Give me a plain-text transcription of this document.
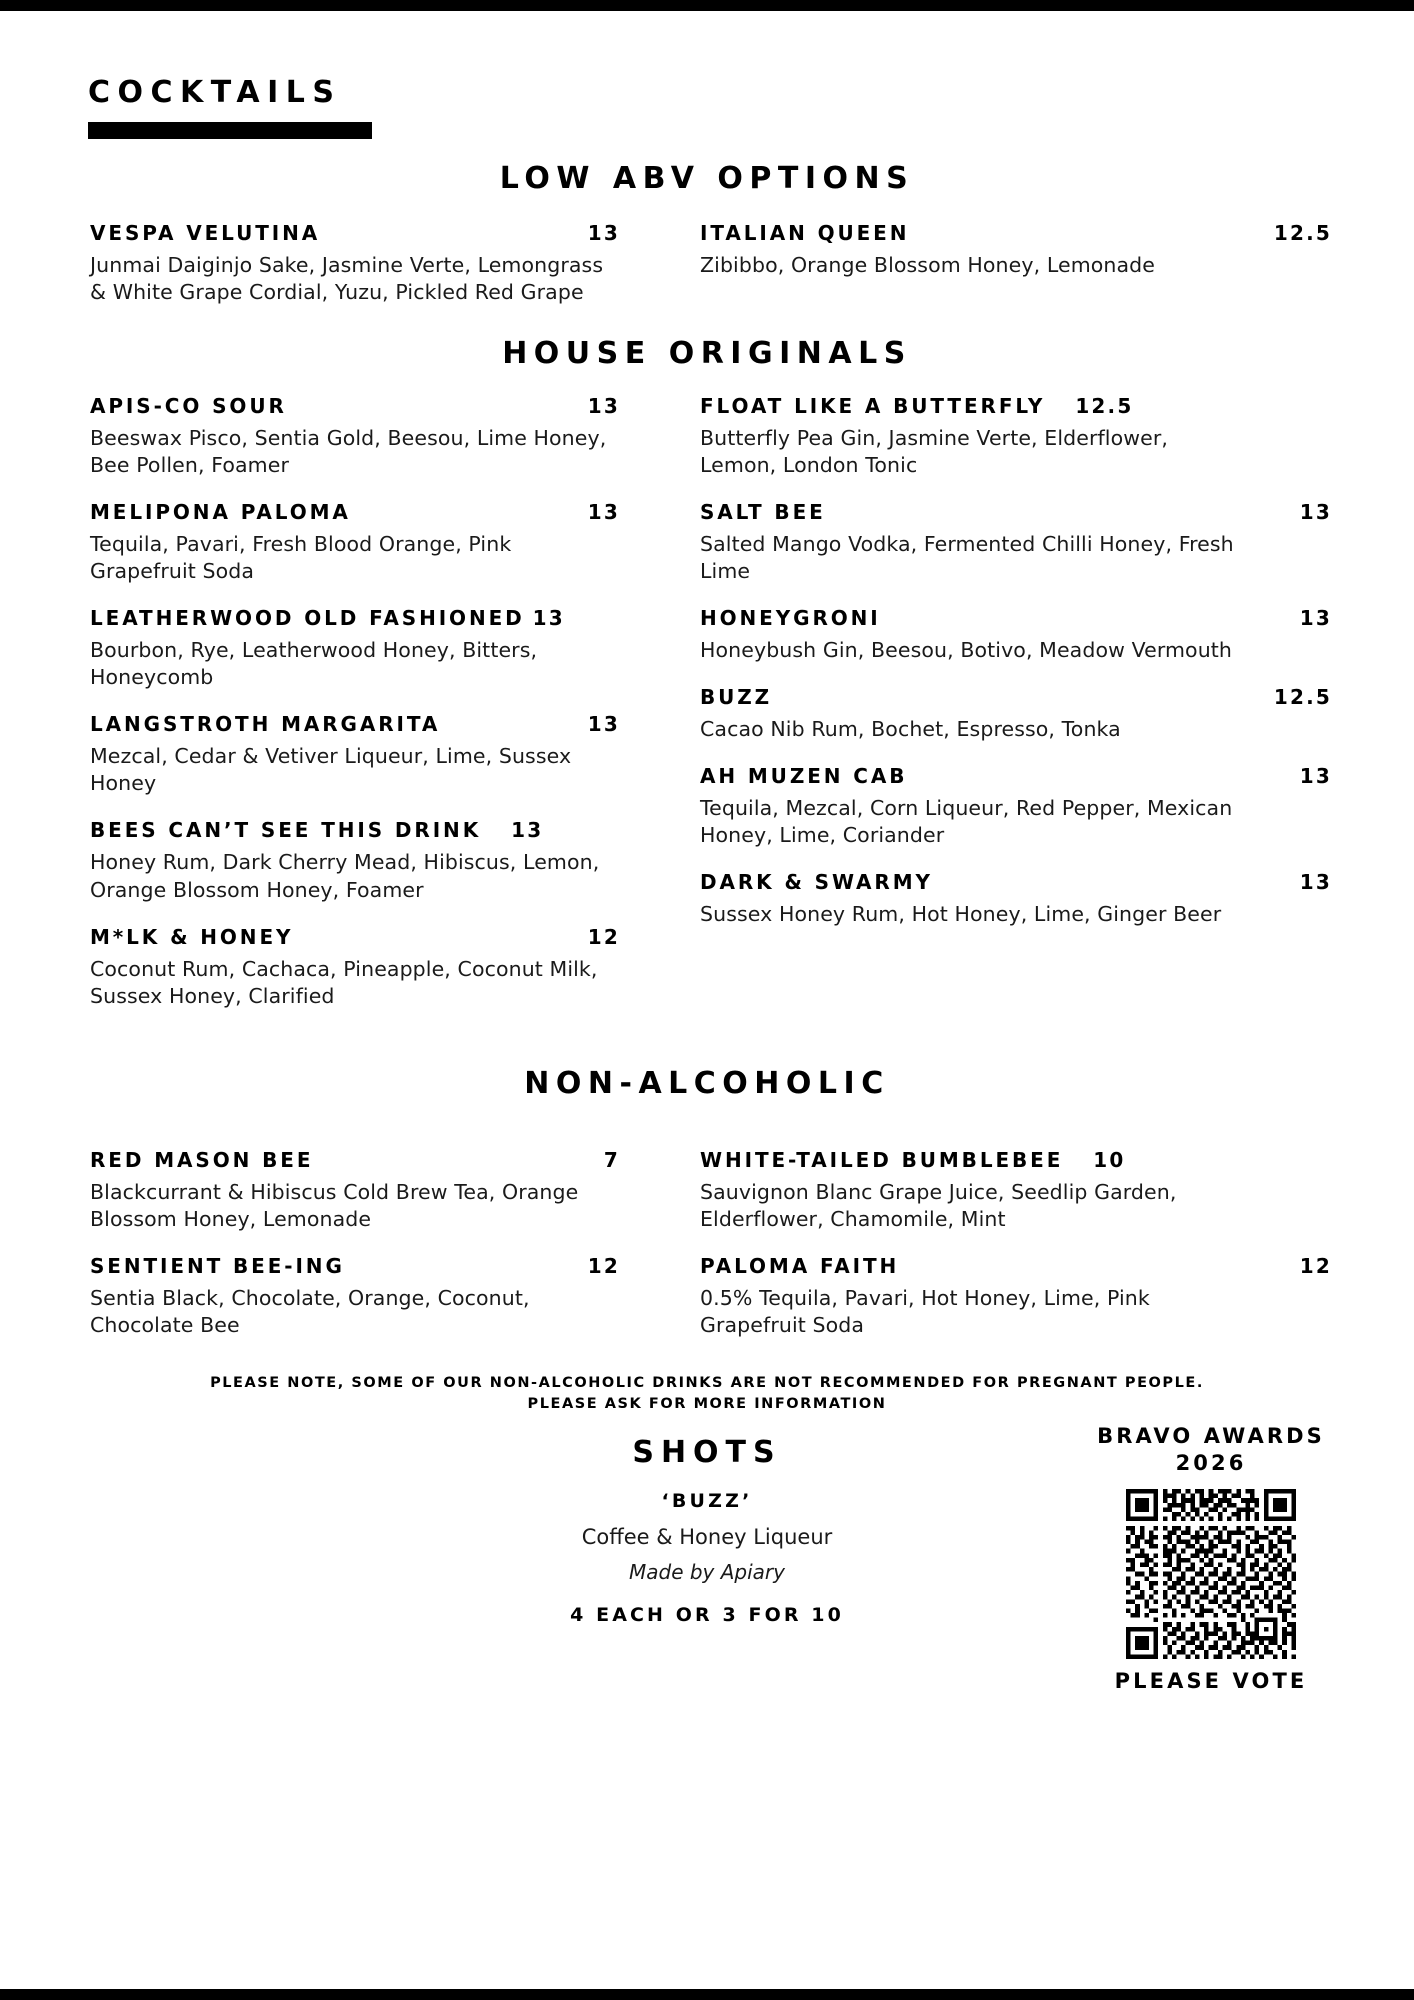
COCKTAILS
LOW ABV OPTIONS
VESPA VELUTINA	13
Junmai Daiginjo Sake, Jasmine Verte, Lemongrass & White Grape Cordial, Yuzu, Pickled Red Grape
ITALIAN QUEEN	12.5
Zibibbo, Orange Blossom Honey, Lemonade
HOUSE ORIGINALS
APIS-CO SOUR	13
Beeswax Pisco, Sentia Gold, Beesou, Lime Honey, Bee Pollen, Foamer
MELIPONA PALOMA	13
Tequila, Pavari, Fresh Blood Orange, Pink Grapefruit Soda
LEATHERWOOD OLD FASHIONED 13
Bourbon, Rye, Leatherwood Honey, Bitters, Honeycomb
LANGSTROTH MARGARITA	13
Mezcal, Cedar & Vetiver Liqueur, Lime, Sussex Honey
BEES CAN’T SEE THIS DRINK 13
Honey Rum, Dark Cherry Mead, Hibiscus, Lemon, Orange Blossom Honey, Foamer
M*LK & HONEY	12
Coconut Rum, Cachaca, Pineapple, Coconut Milk, Sussex Honey, Clarified
FLOAT LIKE A BUTTERFLY 12.5
Butterfly Pea Gin, Jasmine Verte, Elderflower, Lemon, London Tonic
SALT BEE	13
Salted Mango Vodka, Fermented Chilli Honey, Fresh Lime
HONEYGRONI	13
Honeybush Gin, Beesou, Botivo, Meadow Vermouth
BUZZ	12.5
Cacao Nib Rum, Bochet, Espresso, Tonka
AH MUZEN CAB	13
Tequila, Mezcal, Corn Liqueur, Red Pepper, Mexican Honey, Lime, Coriander
DARK & SWARMY	13
Sussex Honey Rum, Hot Honey, Lime, Ginger Beer
NON-ALCOHOLIC
RED MASON BEE	7
Blackcurrant & Hibiscus Cold Brew Tea, Orange Blossom Honey, Lemonade
SENTIENT BEE-ING	12
Sentia Black, Chocolate, Orange, Coconut, Chocolate Bee
WHITE-TAILED BUMBLEBEE 10
Sauvignon Blanc Grape Juice, Seedlip Garden, Elderflower, Chamomile, Mint
PALOMA FAITH	12
0.5% Tequila, Pavari, Hot Honey, Lime, Pink Grapefruit Soda
PLEASE NOTE, SOME OF OUR NON-ALCOHOLIC DRINKS ARE NOT RECOMMENDED FOR PREGNANT PEOPLE.
PLEASE ASK FOR MORE INFORMATION
SHOTS
‘BUZZ’
Coffee & Honey Liqueur
Made by Apiary
4 EACH OR 3 FOR 10
BRAVO AWARDS
2026
PLEASE VOTE
